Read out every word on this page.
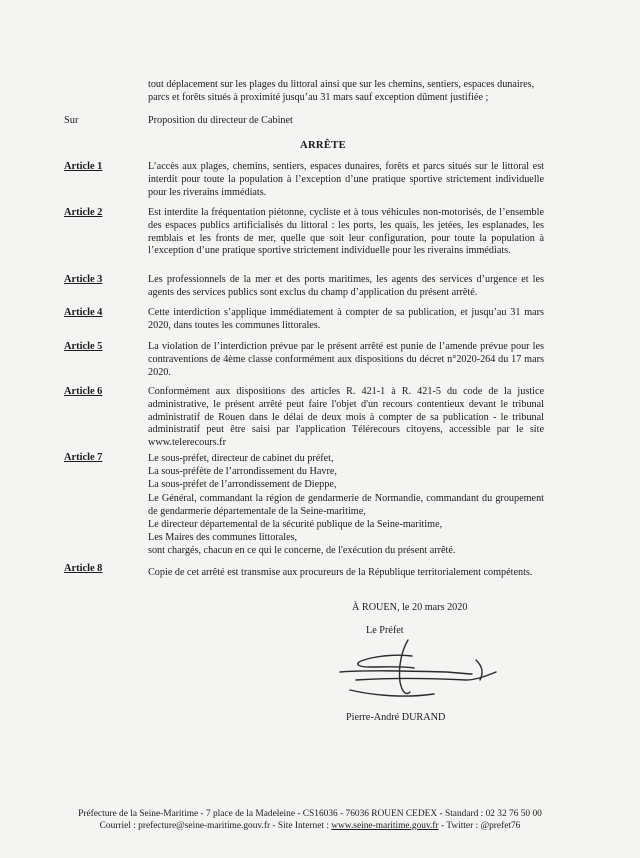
tout déplacement sur les plages du littoral ainsi que sur les chemins, sentiers, espaces dunaires,
parcs et forêts situés à proximité jusqu’au 31 mars sauf exception dûment justifiée ;
Sur	Proposition du directeur de Cabinet
ARRÊTE
Article 1	L’accès aux plages, chemins, sentiers, espaces dunaires, forêts et parcs situés sur le littoral est interdit pour toute la population à l’exception d’une pratique sportive strictement individuelle pour les riverains immédiats.
Article 2	Est interdite la fréquentation piétonne, cycliste et à tous véhicules non-motorisés, de l’ensemble des espaces publics artificialisés du littoral : les ports, les quais, les jetées, les esplanades, les remblais et les fronts de mer, quelle que soit leur configuration, pour toute la population à l’exception d’une pratique sportive strictement individuelle pour les riverains immédiats.
Article 3	Les professionnels de la mer et des ports maritimes, les agents des services d’urgence et les agents des services publics sont exclus du champ d’application du présent arrêté.
Article 4	Cette interdiction s’applique immédiatement à compter de sa publication, et jusqu’au 31 mars 2020, dans toutes les communes littorales.
Article 5	La violation de l’interdiction prévue par le présent arrêté est punie de l’amende prévue pour les contraventions de 4ème classe conformément aux dispositions du décret n°2020-264 du 17 mars 2020.
Article 6	Conformément aux dispositions des articles R. 421-1 à R. 421-5 du code de la justice administrative, le présent arrêté peut faire l'objet d'un recours contentieux devant le tribunal administratif de Rouen dans le délai de deux mois à compter de sa publication - le tribunal administratif peut être saisi par l'application Télérecours citoyens, accessible par le site www.telerecours.fr
Article 7	Le sous-préfet, directeur de cabinet du préfet,
La sous-préfète de l’arrondissement du Havre,
La sous-préfet de l’arrondissement de Dieppe,
Le Général, commandant la région de gendarmerie de Normandie, commandant du groupement de gendarmerie départementale de la Seine-maritime,
Le directeur départemental de la sécurité publique de la Seine-maritime,
Les Maires des communes littorales,
sont chargés, chacun en ce qui le concerne, de l'exécution du présent arrêté.
Article 8	Copie de cet arrêté est transmise aux procureurs de la République territorialement compétents.
À ROUEN, le 20 mars 2020
Le Préfet
Pierre-André DURAND
Préfecture de la Seine-Maritime - 7 place de la Madeleine - CS16036 - 76036 ROUEN CEDEX - Standard : 02 32 76 50 00
Courriel : prefecture@seine-maritime.gouv.fr - Site Internet : www.seine-maritime.gouv.fr - Twitter : @prefet76
